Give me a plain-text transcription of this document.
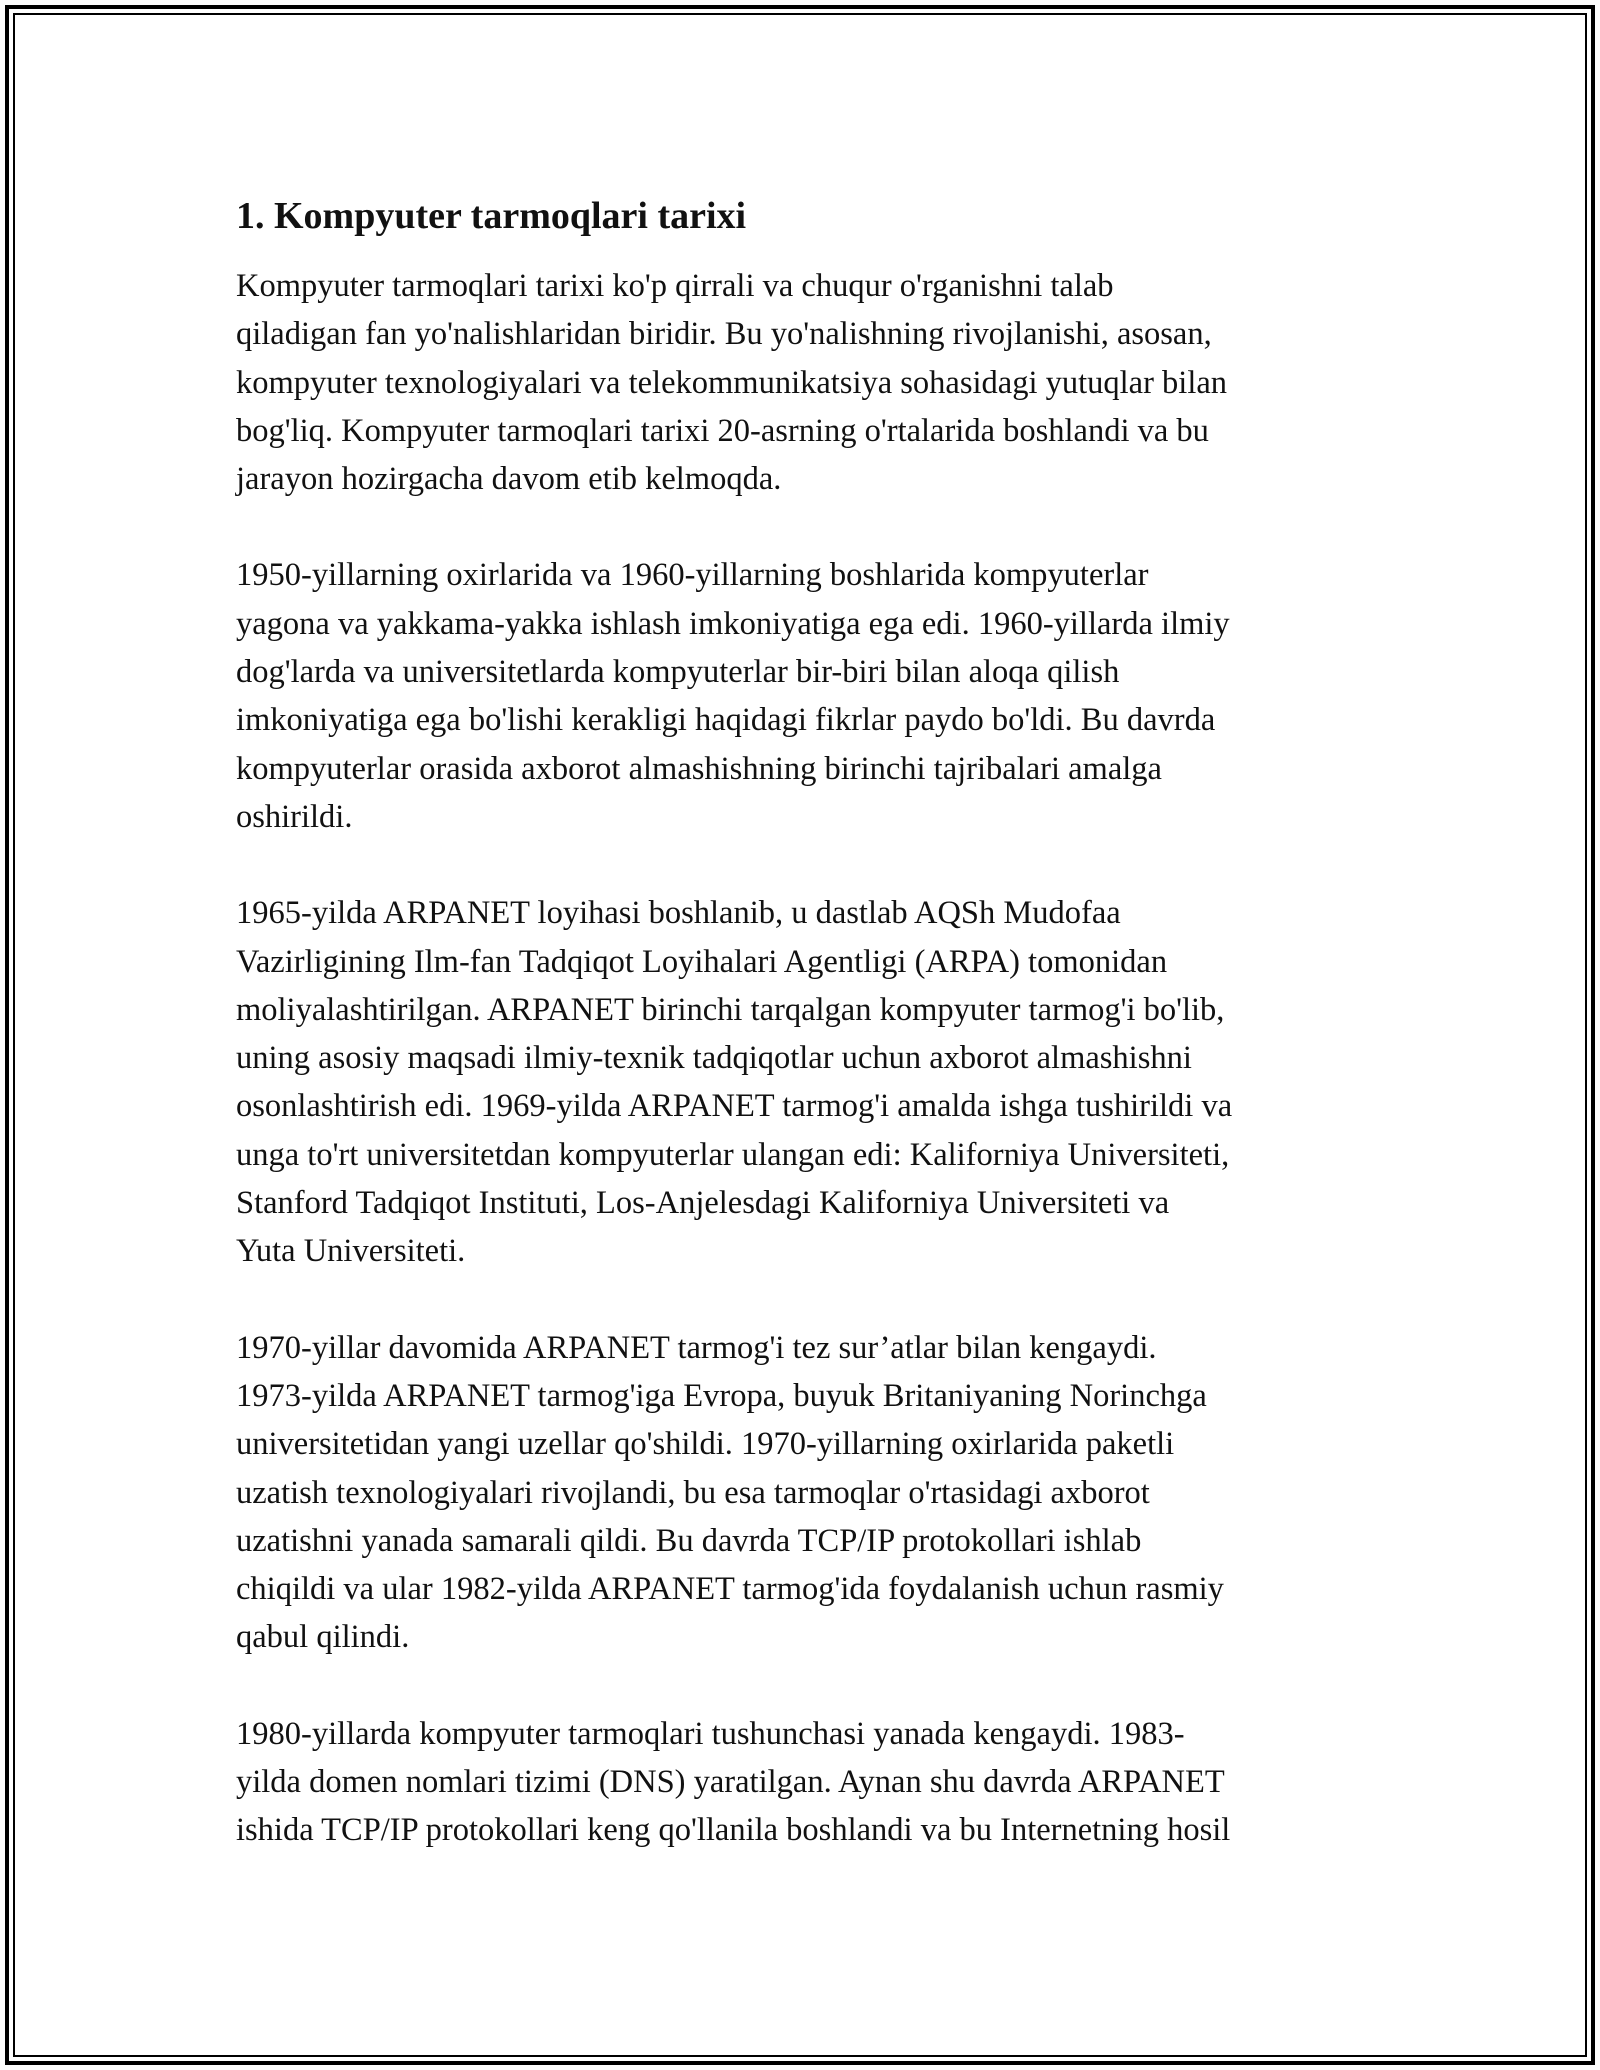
1. Kompyuter tarmoqlari tarixi

Kompyuter tarmoqlari tarixi ko'p qirrali va chuqur o'rganishni talab
qiladigan fan yo'nalishlaridan biridir. Bu yo'nalishning rivojlanishi, asosan,
kompyuter texnologiyalari va telekommunikatsiya sohasidagi yutuqlar bilan
bog'liq. Kompyuter tarmoqlari tarixi 20-asrning o'rtalarida boshlandi va bu
jarayon hozirgacha davom etib kelmoqda.

1950-yillarning oxirlarida va 1960-yillarning boshlarida kompyuterlar
yagona va yakkama-yakka ishlash imkoniyatiga ega edi. 1960-yillarda ilmiy
dog'larda va universitetlarda kompyuterlar bir-biri bilan aloqa qilish
imkoniyatiga ega bo'lishi kerakligi haqidagi fikrlar paydo bo'ldi. Bu davrda
kompyuterlar orasida axborot almashishning birinchi tajribalari amalga
oshirildi.

1965-yilda ARPANET loyihasi boshlanib, u dastlab AQSh Mudofaa
Vazirligining Ilm-fan Tadqiqot Loyihalari Agentligi (ARPA) tomonidan
moliyalashtirilgan. ARPANET birinchi tarqalgan kompyuter tarmog'i bo'lib,
uning asosiy maqsadi ilmiy-texnik tadqiqotlar uchun axborot almashishni
osonlashtirish edi. 1969-yilda ARPANET tarmog'i amalda ishga tushirildi va
unga to'rt universitetdan kompyuterlar ulangan edi: Kaliforniya Universiteti,
Stanford Tadqiqot Instituti, Los-Anjelesdagi Kaliforniya Universiteti va
Yuta Universiteti.

1970-yillar davomida ARPANET tarmog'i tez sur’atlar bilan kengaydi.
1973-yilda ARPANET tarmog'iga Evropa, buyuk Britaniyaning Norinchga
universitetidan yangi uzellar qo'shildi. 1970-yillarning oxirlarida paketli
uzatish texnologiyalari rivojlandi, bu esa tarmoqlar o'rtasidagi axborot
uzatishni yanada samarali qildi. Bu davrda TCP/IP protokollari ishlab
chiqildi va ular 1982-yilda ARPANET tarmog'ida foydalanish uchun rasmiy
qabul qilindi.

1980-yillarda kompyuter tarmoqlari tushunchasi yanada kengaydi. 1983-
yilda domen nomlari tizimi (DNS) yaratilgan. Aynan shu davrda ARPANET
ishida TCP/IP protokollari keng qo'llanila boshlandi va bu Internetning hosil
